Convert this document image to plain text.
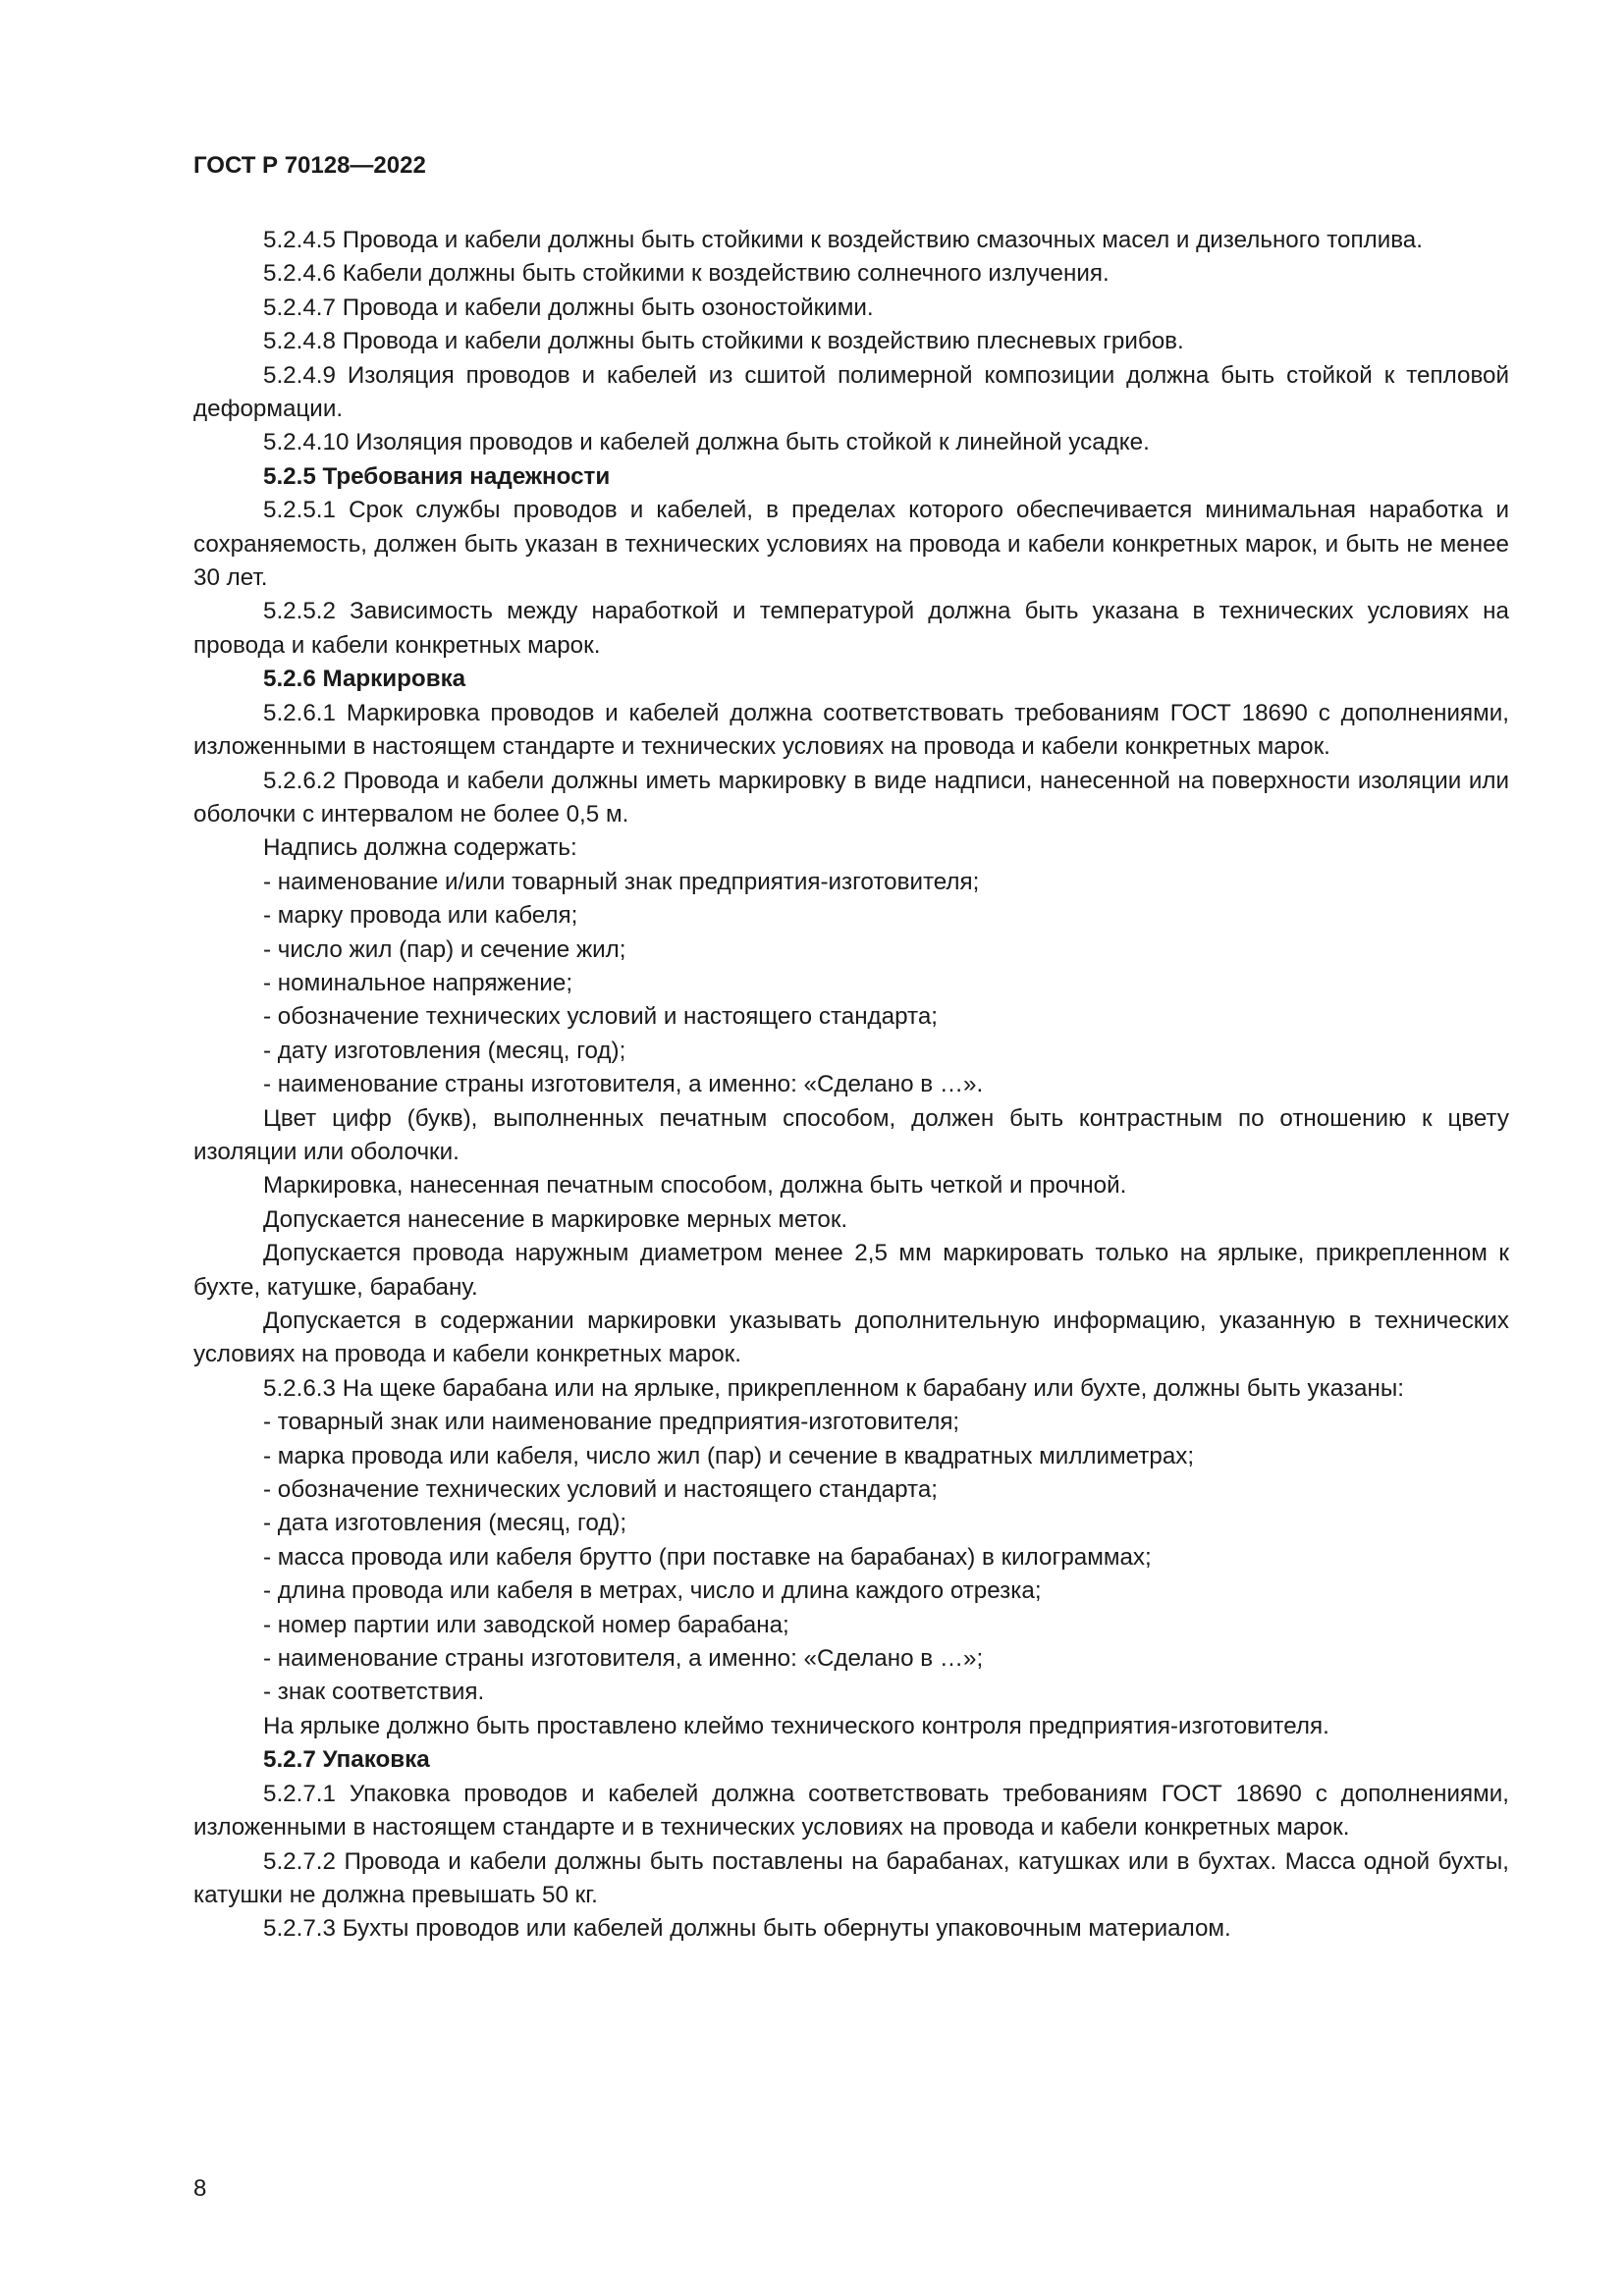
ГОСТ Р 70128—2022

5.2.4.5 Провода и кабели должны быть стойкими к воздействию смазочных масел и дизельного топлива.

5.2.4.6 Кабели должны быть стойкими к воздействию солнечного излучения.

5.2.4.7 Провода и кабели должны быть озоностойкими.

5.2.4.8 Провода и кабели должны быть стойкими к воздействию плесневых грибов.

5.2.4.9 Изоляция проводов и кабелей из сшитой полимерной композиции должна быть стойкой к тепловой деформации.

5.2.4.10 Изоляция проводов и кабелей должна быть стойкой к линейной усадке.

5.2.5 Требования надежности

5.2.5.1 Срок службы проводов и кабелей, в пределах которого обеспечивается минимальная наработка и сохраняемость, должен быть указан в технических условиях на провода и кабели конкретных марок, и быть не менее 30 лет.

5.2.5.2 Зависимость между наработкой и температурой должна быть указана в технических условиях на провода и кабели конкретных марок.

5.2.6 Маркировка

5.2.6.1 Маркировка проводов и кабелей должна соответствовать требованиям ГОСТ 18690 с дополнениями, изложенными в настоящем стандарте и технических условиях на провода и кабели конкретных марок.

5.2.6.2 Провода и кабели должны иметь маркировку в виде надписи, нанесенной на поверхности изоляции или оболочки с интервалом не более 0,5 м.

Надпись должна содержать:

- наименование и/или товарный знак предприятия-изготовителя;
- марку провода или кабеля;
- число жил (пар) и сечение жил;
- номинальное напряжение;
- обозначение технических условий и настоящего стандарта;
- дату изготовления (месяц, год);
- наименование страны изготовителя, а именно: «Сделано в …».

Цвет цифр (букв), выполненных печатным способом, должен быть контрастным по отношению к цвету изоляции или оболочки.

Маркировка, нанесенная печатным способом, должна быть четкой и прочной.

Допускается нанесение в маркировке мерных меток.

Допускается провода наружным диаметром менее 2,5 мм маркировать только на ярлыке, прикрепленном к бухте, катушке, барабану.

Допускается в содержании маркировки указывать дополнительную информацию, указанную в технических условиях на провода и кабели конкретных марок.

5.2.6.3 На щеке барабана или на ярлыке, прикрепленном к барабану или бухте, должны быть указаны:

- товарный знак или наименование предприятия-изготовителя;
- марка провода или кабеля, число жил (пар) и сечение в квадратных миллиметрах;
- обозначение технических условий и настоящего стандарта;
- дата изготовления (месяц, год);
- масса провода или кабеля брутто (при поставке на барабанах) в килограммах;
- длина провода или кабеля в метрах, число и длина каждого отрезка;
- номер партии или заводской номер барабана;
- наименование страны изготовителя, а именно: «Сделано в …»;
- знак соответствия.

На ярлыке должно быть проставлено клеймо технического контроля предприятия-изготовителя.

5.2.7 Упаковка

5.2.7.1 Упаковка проводов и кабелей должна соответствовать требованиям ГОСТ 18690 с дополнениями, изложенными в настоящем стандарте и в технических условиях на провода и кабели конкретных марок.

5.2.7.2 Провода и кабели должны быть поставлены на барабанах, катушках или в бухтах. Масса одной бухты, катушки не должна превышать 50 кг.

5.2.7.3 Бухты проводов или кабелей должны быть обернуты упаковочным материалом.

8
